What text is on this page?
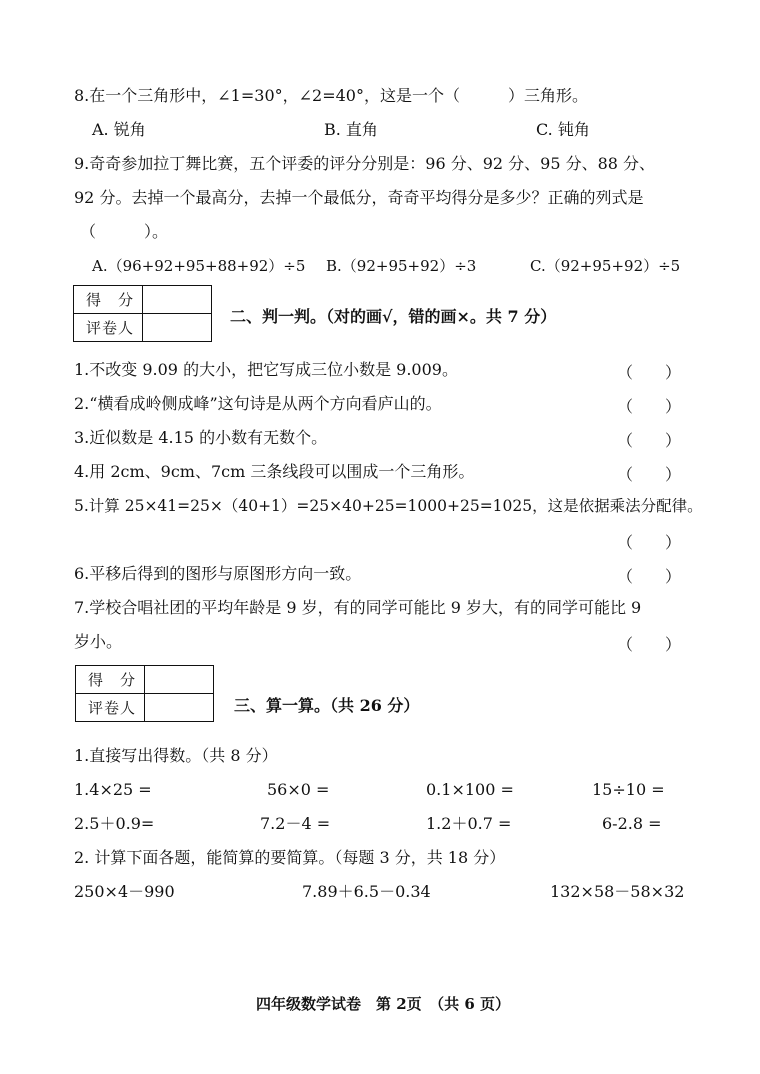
8.在一个三角形中，∠1=30°，∠2=40°，这是一个（　　　）三角形。
A. 锐角	B. 直角	C. 钝角
9.奇奇参加拉丁舞比赛，五个评委的评分分别是：96 分、92 分、95 分、88 分、
92 分。去掉一个最高分，去掉一个最低分，奇奇平均得分是多少？正确的列式是
（　　　）。
A.（96+92+95+88+92）÷5 B.（92+95+92）÷3	C.（92+95+92）÷5
得　分	
评卷人	
二、判一判。（对的画√，错的画×。共 7 分）
1.不改变 9.09 的大小，把它写成三位小数是 9.009。	（　　）
2.“横看成岭侧成峰”这句诗是从两个方向看庐山的。	（　　）
3.近似数是 4.15 的小数有无数个。	（　　）
4.用 2cm、9cm、7cm 三条线段可以围成一个三角形。	（　　）
5.计算 25×41=25×（40+1）=25×40+25=1000+25=1025，这是依据乘法分配律。
（　　）
6.平移后得到的图形与原图形方向一致。	（　　）
7.学校合唱社团的平均年龄是 9 岁，有的同学可能比 9 岁大，有的同学可能比 9
岁小。	（　　）
得　分	
评卷人		三、算一算。（共 26 分）
1.直接写出得数。（共 8 分）
1.4×25 =	56×0 =	0.1×100 =	15÷10 =
2.5＋0.9=	7.2－4 =	1.2＋0.7 =	6-2.8 =
2. 计算下面各题，能简算的要简算。（每题 3 分，共 18 分）
250×4－990	7.89＋6.5－0.34	132×58－58×32
四年级数学试卷　第 2页　（共 6 页）
